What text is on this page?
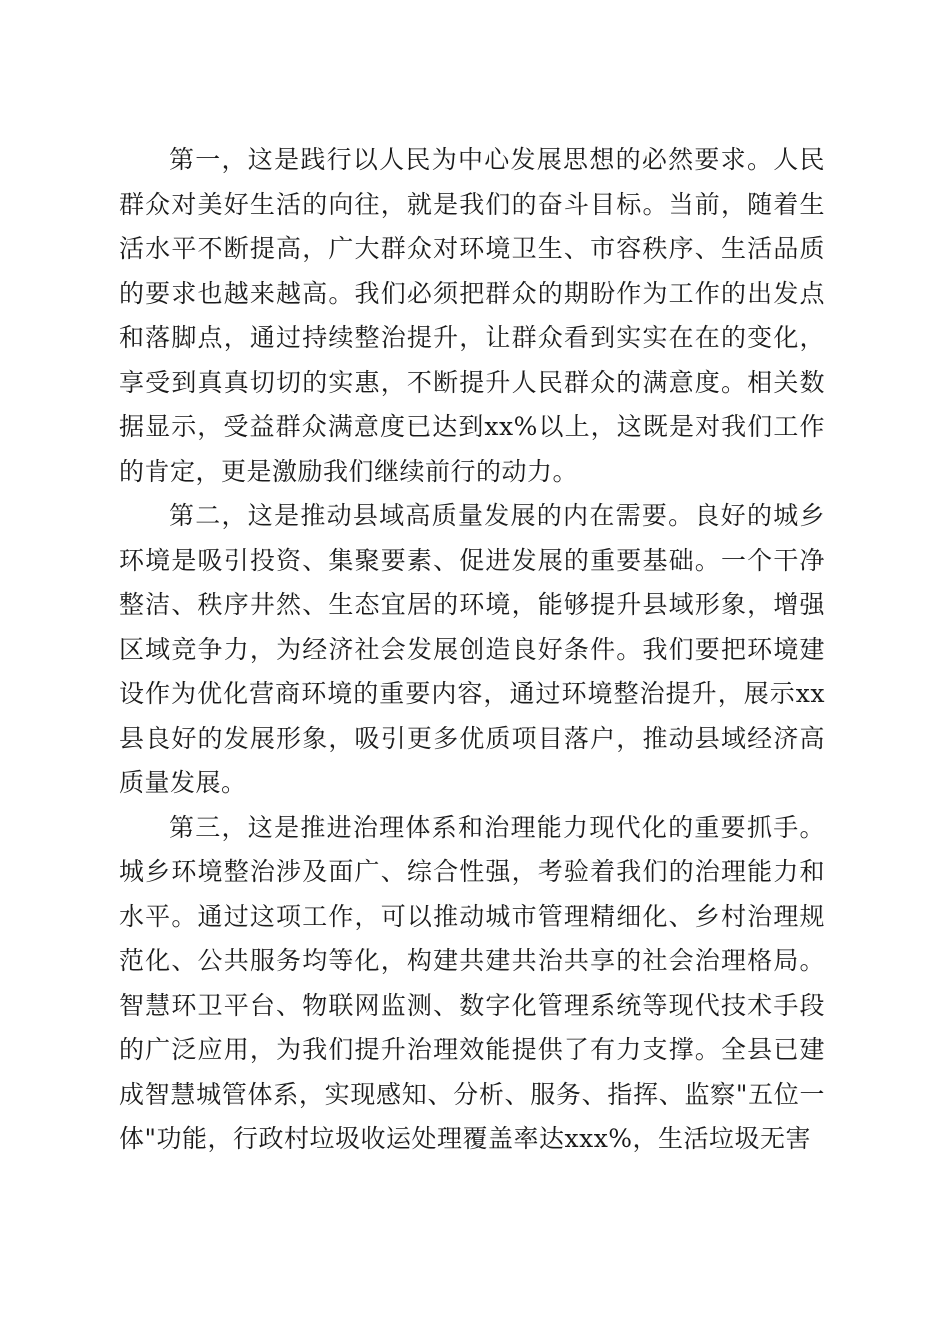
第一，这是践行以人民为中心发展思想的必然要求。人民群众对美好生活的向往，就是我们的奋斗目标。当前，随着生活水平不断提高，广大群众对环境卫生、市容秩序、生活品质的要求也越来越高。我们必须把群众的期盼作为工作的出发点和落脚点，通过持续整治提升，让群众看到实实在在的变化，享受到真真切切的实惠，不断提升人民群众的满意度。相关数据显示，受益群众满意度已达到xx%以上，这既是对我们工作的肯定，更是激励我们继续前行的动力。

第二，这是推动县域高质量发展的内在需要。良好的城乡环境是吸引投资、集聚要素、促进发展的重要基础。一个干净整洁、秩序井然、生态宜居的环境，能够提升县域形象，增强区域竞争力，为经济社会发展创造良好条件。我们要把环境建设作为优化营商环境的重要内容，通过环境整治提升，展示xx县良好的发展形象，吸引更多优质项目落户，推动县域经济高质量发展。

第三，这是推进治理体系和治理能力现代化的重要抓手。城乡环境整治涉及面广、综合性强，考验着我们的治理能力和水平。通过这项工作，可以推动城市管理精细化、乡村治理规范化、公共服务均等化，构建共建共治共享的社会治理格局。智慧环卫平台、物联网监测、数字化管理系统等现代技术手段的广泛应用，为我们提升治理效能提供了有力支撑。全县已建成智慧城管体系，实现感知、分析、服务、指挥、监察"五位一体"功能，行政村垃圾收运处理覆盖率达xxx%，生活垃圾无害
